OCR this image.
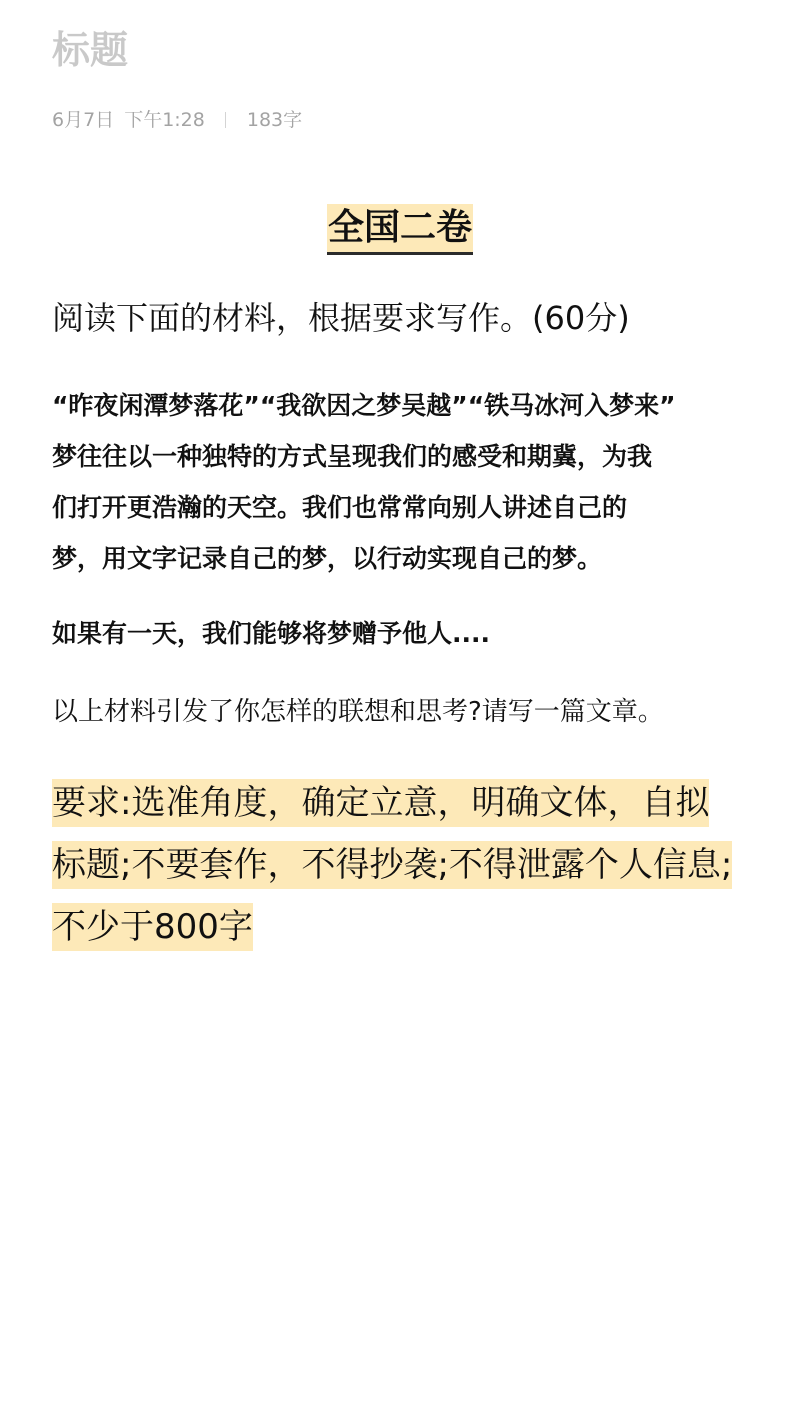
标题
6月7日 下午1:28 183字
全国二卷
阅读下面的材料，根据要求写作。(60分)
“昨夜闲潭梦落花”“我欲因之梦吴越”“铁马冰河入梦来”
梦往往以一种独特的方式呈现我们的感受和期冀，为我
们打开更浩瀚的天空。我们也常常向别人讲述自己的
梦，用文字记录自己的梦，以行动实现自己的梦。
如果有一天，我们能够将梦赠予他人....
以上材料引发了你怎样的联想和思考?请写一篇文章。
要求:选准角度，确定立意，明确文体，自拟
标题;不要套作，不得抄袭;不得泄露个人信息;
不少于800字
